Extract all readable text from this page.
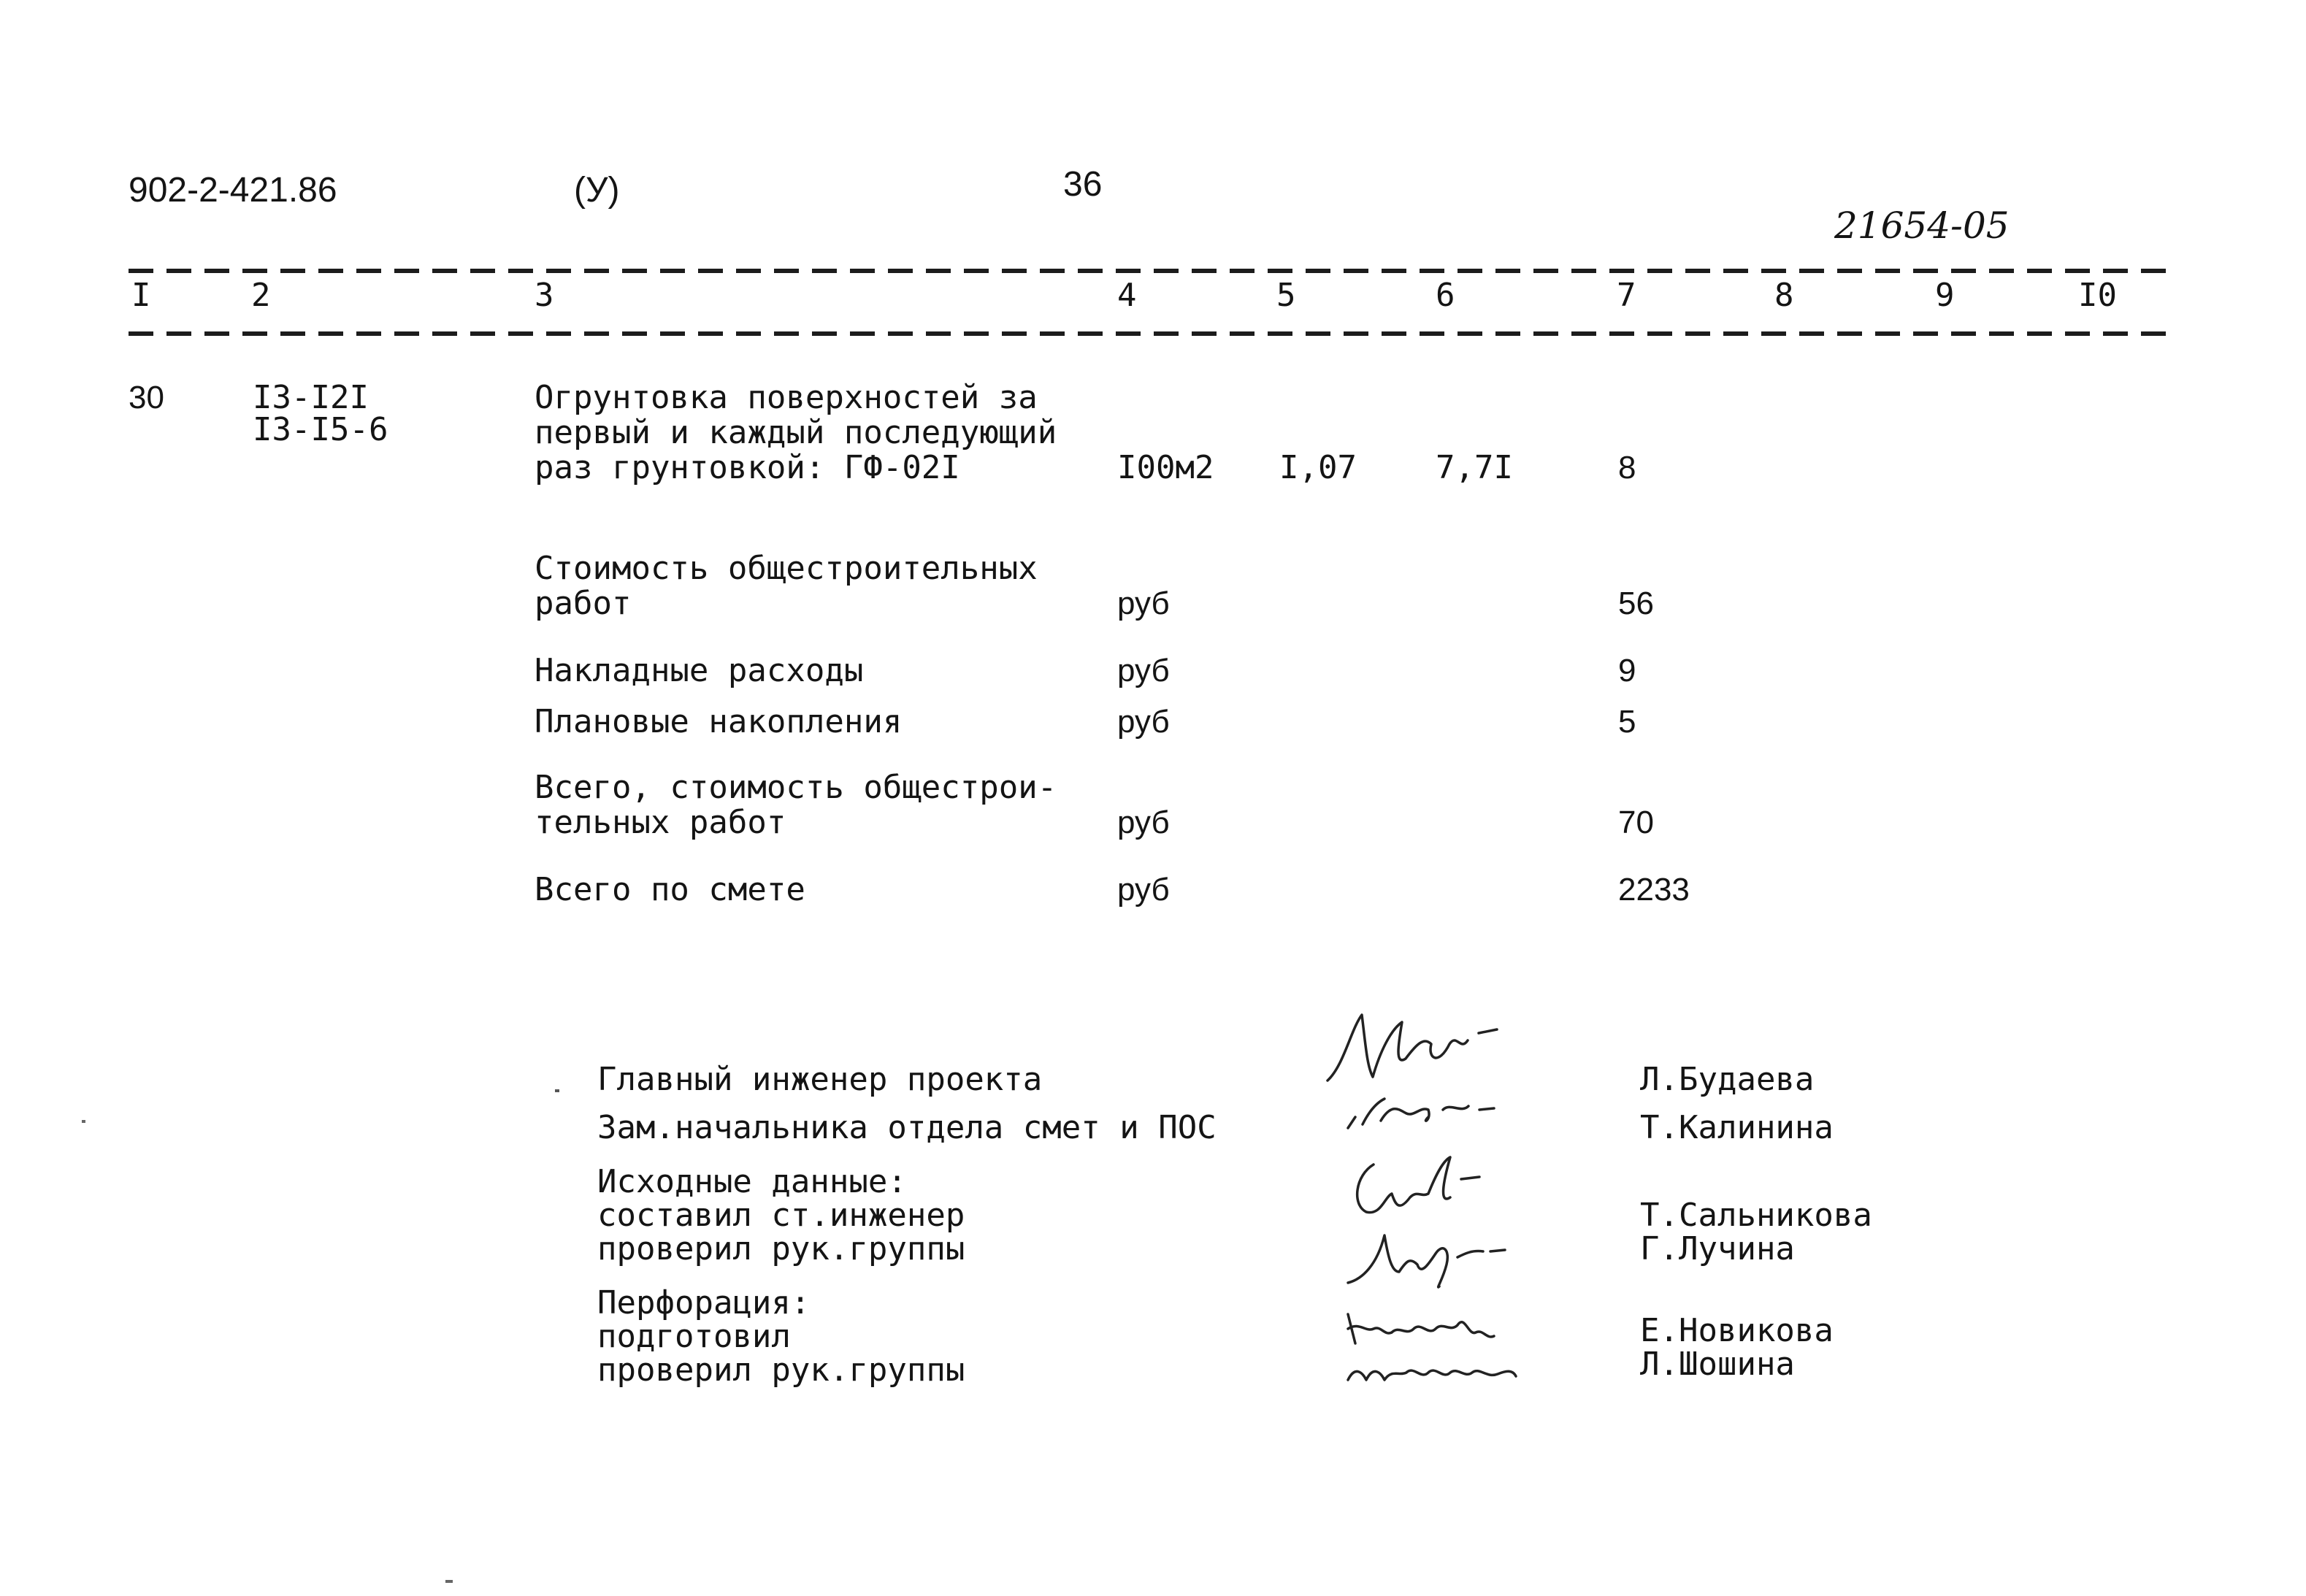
902-2-421.86	(У)	36
21654-05
I	2	3	4	5	6	7	8	9	I0
30	I3-I2I
I3-I5-6
Огрунтовка поверхностей за
первый и каждый последующий
раз грунтовкой: ГФ-02I	I00м2 I,07 7,7I	8
Стоимость общестроительных
работ	руб	56
Накладные расходы	руб	9
Плановые накопления	руб	5
Всего, стоимость общестрои-
тельных работ	руб	70
Всего по смете	руб	2233
Главный инженер проекта	Л.Будаева
Зам.начальника отдела смет и ПОС	Т.Калинина
Исходные данные:
составил ст.инженер	Т.Сальникова
проверил рук.группы	Г.Лучина
Перфорация:
подготовил	Е.Новикова
проверил рук.группы	Л.Шошина
